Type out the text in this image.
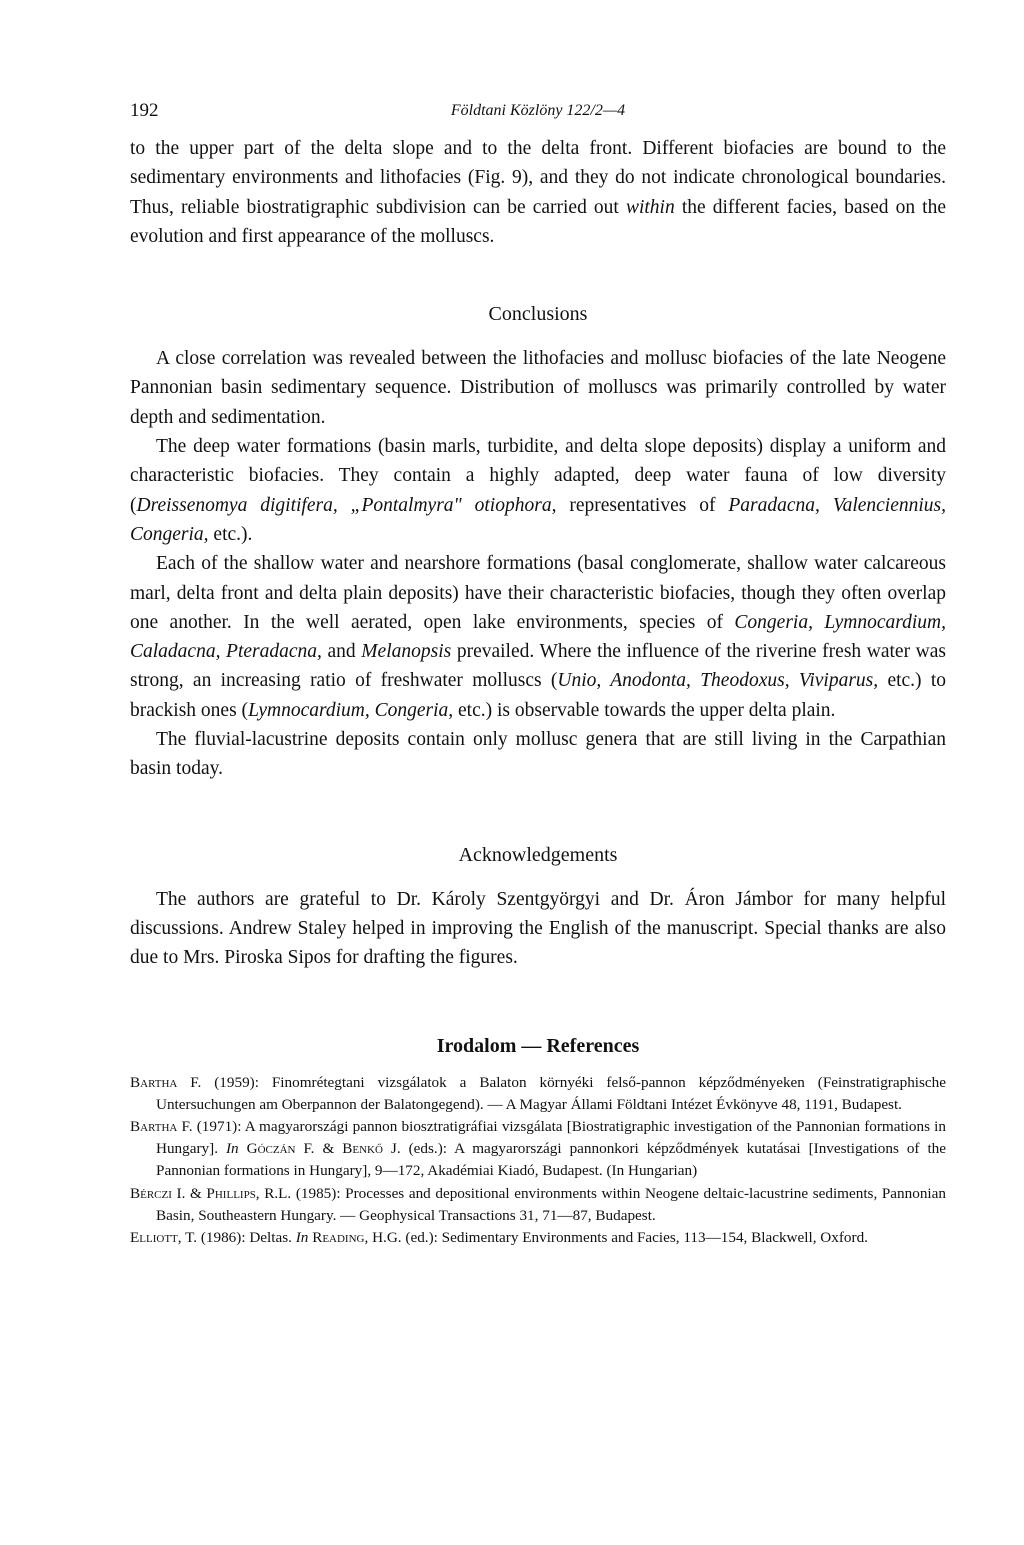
192	Földtani Közlöny 122/2—4

to the upper part of the delta slope and to the delta front. Different biofacies are bound to the sedimentary environments and lithofacies (Fig. 9), and they do not indicate chronological boundaries. Thus, reliable biostratigraphic subdivision can be carried out within the different facies, based on the evolution and first appearance of the molluscs.

Conclusions

A close correlation was revealed between the lithofacies and mollusc biofacies of the late Neogene Pannonian basin sedimentary sequence. Distribution of molluscs was primarily controlled by water depth and sedimentation.

The deep water formations (basin marls, turbidite, and delta slope deposits) display a uniform and characteristic biofacies. They contain a highly adapted, deep water fauna of low diversity (Dreissenomya digitifera, „Pontalmyra" otiophora, representatives of Paradacna, Valenciennius, Congeria, etc.).

Each of the shallow water and nearshore formations (basal conglomerate, shallow water calcareous marl, delta front and delta plain deposits) have their characteristic biofacies, though they often overlap one another. In the well aerated, open lake environments, species of Congeria, Lymnocardium, Caladacna, Pteradacna, and Melanopsis prevailed. Where the influence of the riverine fresh water was strong, an increasing ratio of freshwater molluscs (Unio, Anodonta, Theodoxus, Viviparus, etc.) to brackish ones (Lymnocardium, Congeria, etc.) is observable towards the upper delta plain.

The fluvial-lacustrine deposits contain only mollusc genera that are still living in the Carpathian basin today.

Acknowledgements

The authors are grateful to Dr. Károly Szentgyörgyi and Dr. Áron Jámbor for many helpful discussions. Andrew Staley helped in improving the English of the manuscript. Special thanks are also due to Mrs. Piroska Sipos for drafting the figures.

Irodalom — References

Bartha F. (1959): Finomrétegtani vizsgálatok a Balaton környéki felső-pannon képződményeken (Feinstratigraphische Untersuchungen am Oberpannon der Balatongegend). — A Magyar Állami Földtani Intézet Évkönyve 48, 1191, Budapest.

Bartha F. (1971): A magyarországi pannon biosztratigráfiai vizsgálata [Biostratigraphic investigation of the Pannonian formations in Hungary]. In Góczán F. & Benkő J. (eds.): A magyarországi pannonkori képződmények kutatásai [Investigations of the Pannonian formations in Hungary], 9—172, Akadémiai Kiadó, Budapest. (In Hungarian)

Bérczi I. & Phillips, R.L. (1985): Processes and depositional environments within Neogene deltaic-lacustrine sediments, Pannonian Basin, Southeastern Hungary. — Geophysical Transactions 31, 71—87, Budapest.

Elliott, T. (1986): Deltas. In Reading, H.G. (ed.): Sedimentary Environments and Facies, 113—154, Blackwell, Oxford.
